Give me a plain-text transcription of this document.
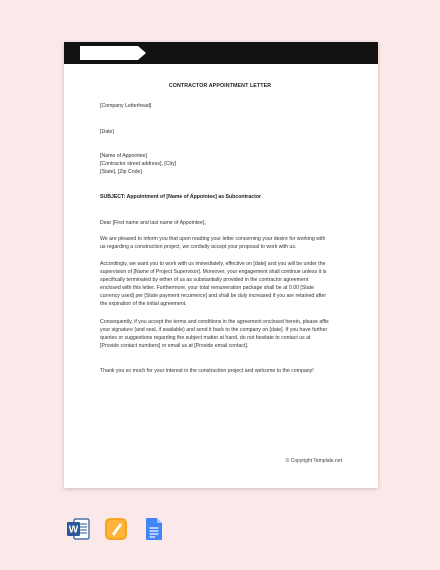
CONTRACTOR APPOINTMENT LETTER
[Company Letterhead]
[Date]
[Name of Appointee]
[Contractor street address], [City]
[State], [Zip Code]
SUBJECT: Appointment of [Name of Appointee] as Subcontractor
Dear [First name and last name of Appointee],
We are pleased to inform you that upon reading your letter concerning your desire for working with
us regarding a construction project, we cordially accept your proposal to work with us.
Accordingly, we want you to work with us immediately, effective on [date] and you will be under the
supervision of [Name of Project Supervisor]. Moreover, your engagement shall continue unless it is
specifically terminated by either of us as substantially provided in the contractor agreement
enclosed with this letter. Furthermore, your total remuneration package shall be at 0.00 [State
currency used] per [State payment recurrence] and shall be duly increased if you are retained after
the expiration of the initial agreement.
Consequently, if you accept the terms and conditions in the agreement enclosed herein, please affix
your signature (and seal, if available) and send it back to the company on [date]. If you have further
queries or suggestions regarding the subject matter at hand, do not hesitate to contact us at
[Provide contact numbers] or email us at [Provide email contact].
Thank you so much for your interest in the construction project and welcome to the company!
© Copyright Template.net
W
